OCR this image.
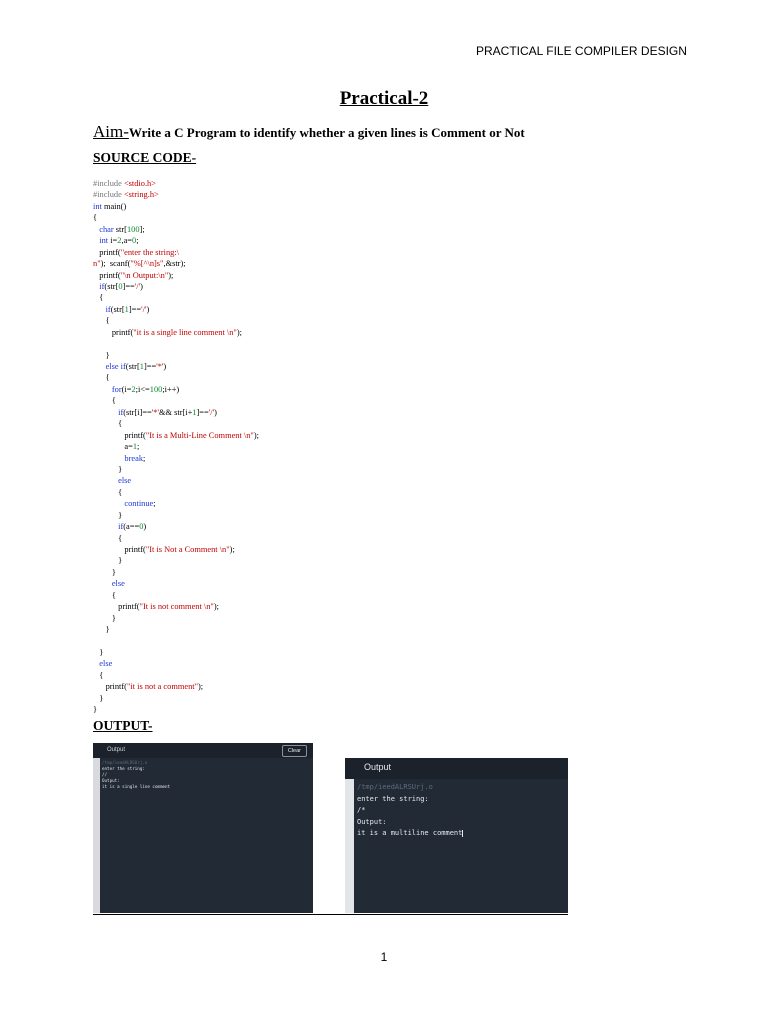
PRACTICAL FILE COMPILER DESIGN
Practical-2
Aim-Write a C Program to identify whether a given lines is Comment or Not
SOURCE CODE-
#include <stdio.h>
#include <string.h>
int main()
{
char str[100];
int i=2,a=0;
printf("enter the string:\
n");  scanf("%[^\n]s",&str);
printf("\n Output:\n");
if(str[0]=='/')
{
if(str[1]=='/')
{
printf("it is a single line comment \n");
}
else if(str[1]=='*')
{
for(i=2;i<=100;i++)
{
if(str[i]=='*'&& str[i+1]=='/')
{
printf("It is a Multi-Line Comment \n");
a=1;
break;
}
else
{
continue;
}
if(a==0)
{
printf("It is Not a Comment \n");
}
}
else
{
printf("It is not comment \n");
}
}
}
else
{
printf("it is not a comment");
}
}
OUTPUT-
Output	Clear
/tmp/ieedALRSUrj.o
enter the string:
//
Output:
it is a single line comment
Output
/tmp/ieedALRSUrj.o
enter the string:
/*
Output:
it is a multiline comment
1
